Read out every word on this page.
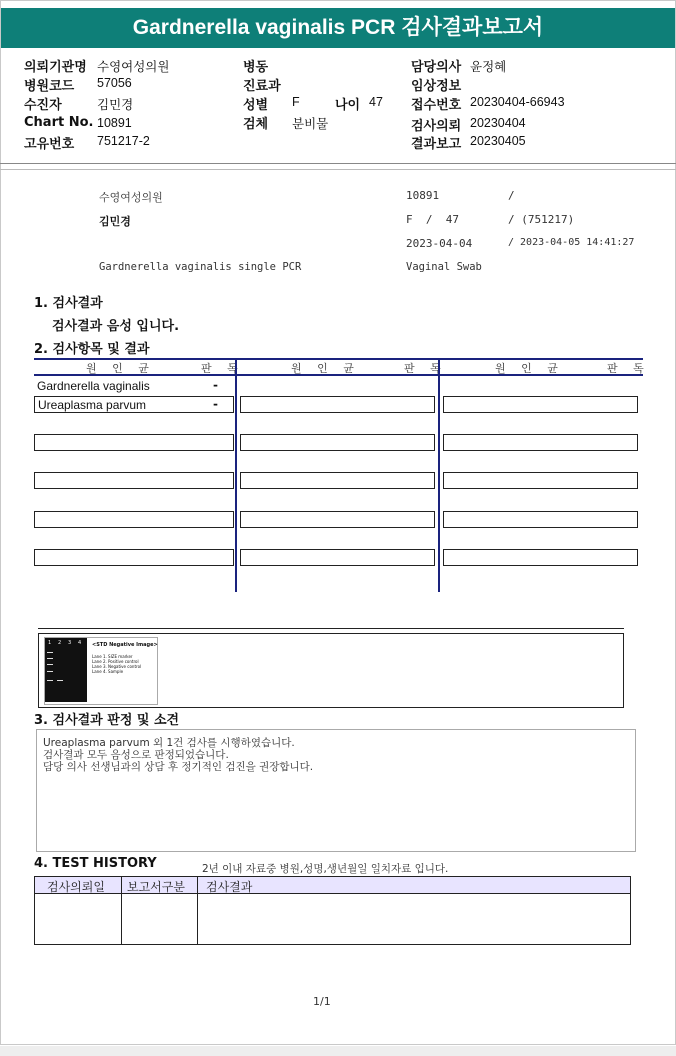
Gardnerella vaginalis PCR 검사결과보고서
의뢰기관명 수영여성의원
병원코드 57056
수진자	김민경
Chart No. 10891
고유번호 751217-2
병동
진료과
성별 F	나이 47
검체 분비물
담당의사 윤정혜
임상정보
접수번호 20230404-66943
검사의뢰 20230404
결과보고 20230405
수영여성의원	10891	/
김민경	F  /  47	/ (751217)
2023-04-04	/ 2023-04-05 14:41:27
Gardnerella vaginalis single PCR	Vaginal Swab
1. 검사결과
검사결과 음성 입니다.
2. 검사항목 및 결과
원 인 균	판 독	원 인 균	판 독	원 인 균	판 독
Gardnerella vaginalis	-
Ureaplasma parvum	-
1 2 3 4 <STD Negative Image>
Lane 1. SIZE marker
Lane 2. Positive control
Lane 3. Negative control
Lane 4. Sample
3. 검사결과 판정 및 소견
Ureaplasma parvum 외 1건 검사를 시행하였습니다.
검사결과 모두 음성으로 판정되었습니다.
담당 의사 선생님과의 상담 후 정기적인 검진을 권장합니다.
4. TEST HISTORY	2년 이내 자료중 병원,성명,생년월일 일치자료 입니다.
검사의뢰일 보고서구분 검사결과
1/1
